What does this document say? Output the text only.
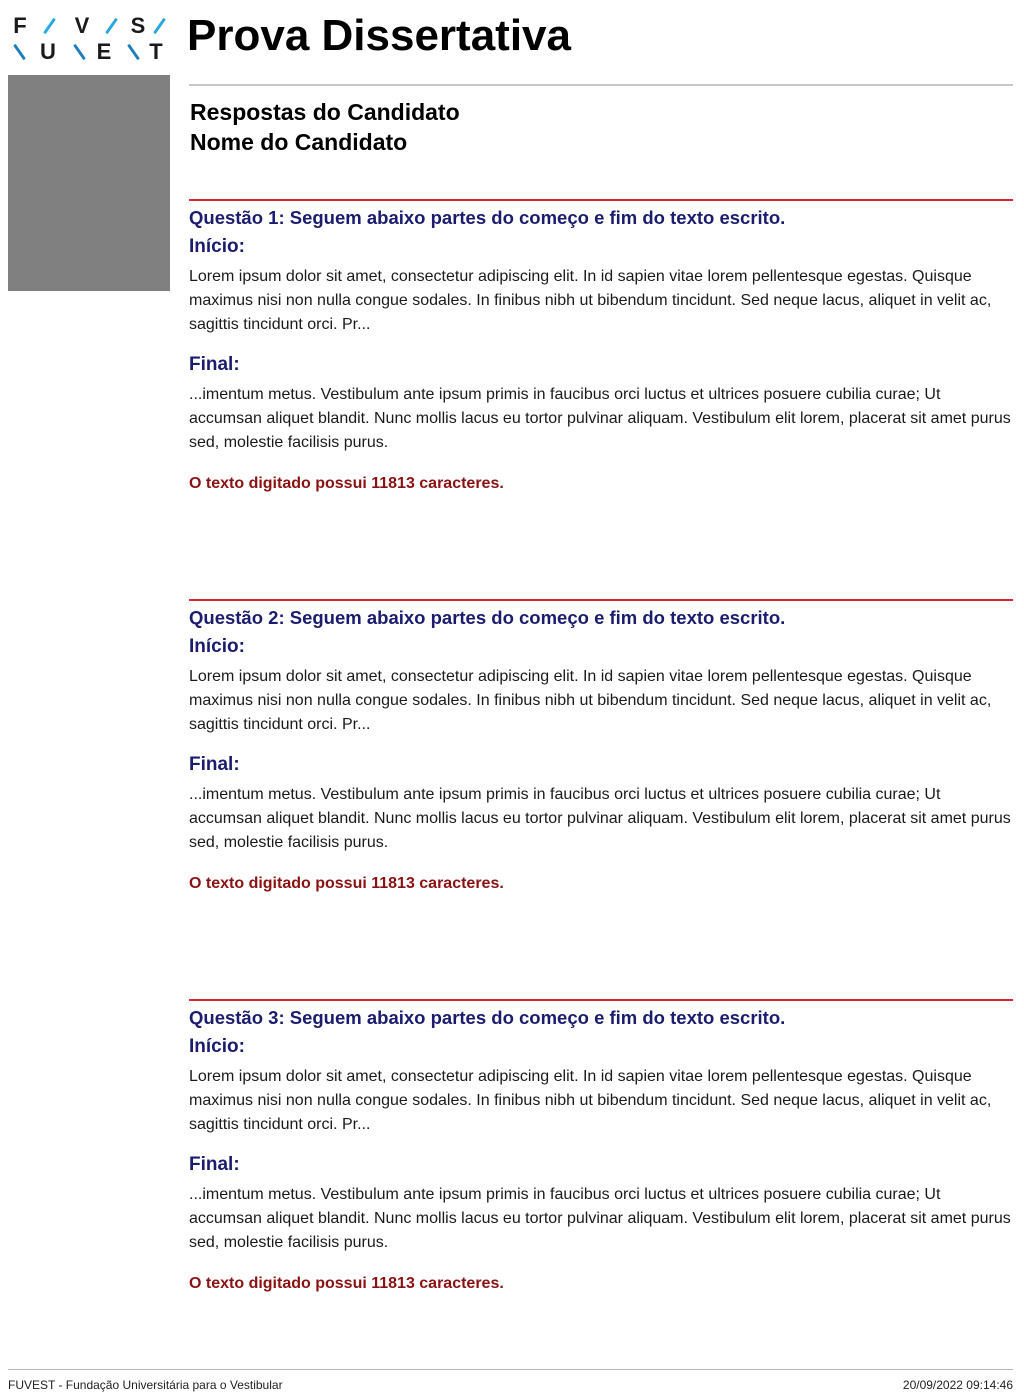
F V S
U E T Prova Dissertativa
Respostas do Candidato
Nome do Candidato
Questão 1: Seguem abaixo partes do começo e fim do texto escrito.
Início:
Lorem ipsum dolor sit amet, consectetur adipiscing elit. In id sapien vitae lorem pellentesque egestas. Quisque maximus nisi non nulla congue sodales. In finibus nibh ut bibendum tincidunt. Sed neque lacus, aliquet in velit ac, sagittis tincidunt orci. Pr...
Final:
...imentum metus. Vestibulum ante ipsum primis in faucibus orci luctus et ultrices posuere cubilia curae; Ut accumsan aliquet blandit. Nunc mollis lacus eu tortor pulvinar aliquam. Vestibulum elit lorem, placerat sit amet purus sed, molestie facilisis purus.
O texto digitado possui 11813 caracteres.
Questão 2: Seguem abaixo partes do começo e fim do texto escrito.
Início:
Lorem ipsum dolor sit amet, consectetur adipiscing elit. In id sapien vitae lorem pellentesque egestas. Quisque maximus nisi non nulla congue sodales. In finibus nibh ut bibendum tincidunt. Sed neque lacus, aliquet in velit ac, sagittis tincidunt orci. Pr...
Final:
...imentum metus. Vestibulum ante ipsum primis in faucibus orci luctus et ultrices posuere cubilia curae; Ut accumsan aliquet blandit. Nunc mollis lacus eu tortor pulvinar aliquam. Vestibulum elit lorem, placerat sit amet purus sed, molestie facilisis purus.
O texto digitado possui 11813 caracteres.
Questão 3: Seguem abaixo partes do começo e fim do texto escrito.
Início:
Lorem ipsum dolor sit amet, consectetur adipiscing elit. In id sapien vitae lorem pellentesque egestas. Quisque maximus nisi non nulla congue sodales. In finibus nibh ut bibendum tincidunt. Sed neque lacus, aliquet in velit ac, sagittis tincidunt orci. Pr...
Final:
...imentum metus. Vestibulum ante ipsum primis in faucibus orci luctus et ultrices posuere cubilia curae; Ut accumsan aliquet blandit. Nunc mollis lacus eu tortor pulvinar aliquam. Vestibulum elit lorem, placerat sit amet purus sed, molestie facilisis purus.
O texto digitado possui 11813 caracteres.
FUVEST - Fundação Universitária para o Vestibular	20/09/2022 09:14:46
